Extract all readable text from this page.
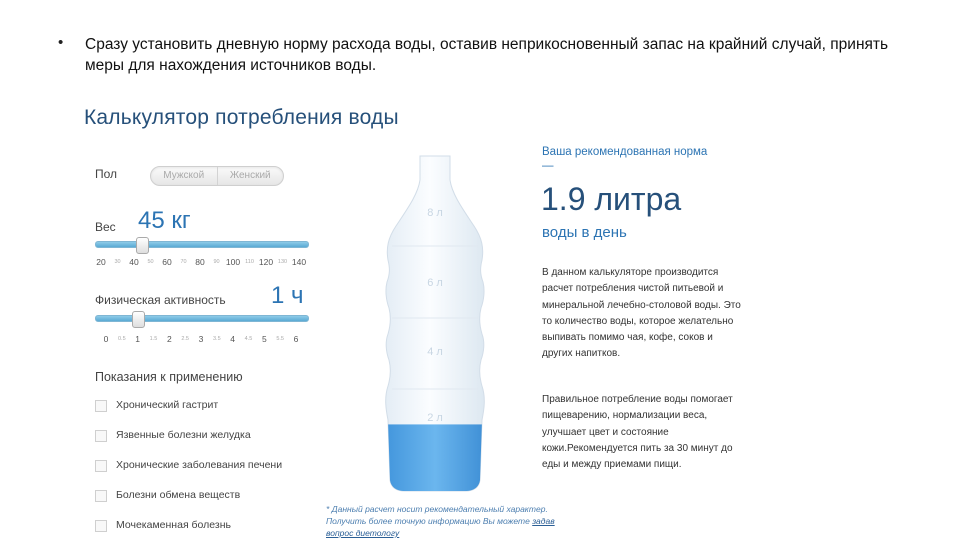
• Сразу установить дневную норму расхода воды, оставив неприкосновенный запас на крайний случай, принять меры для нахождения источников воды.
Калькулятор потребления воды
Пол	Мужской	Женский
Вес 45 кг
20 30 40 50 60 70 80 90 100 110 120 130 140
Физическая активность 1 ч
0 0.5 1 1.5 2 2.5 3 3.5 4 4.5 5 5.5 6
Показания к применению
Хронический гастрит
Язвенные болезни желудка
Хронические заболевания печени
Болезни обмена веществ
Мочекаменная болезнь
8 л
6 л
4 л
2 л
* Данный расчет носит рекомендательный характер. Получить более точную информацию Вы можете задав вопрос диетологу
Ваша рекомендованная норма
—
1.9 литра
воды в день
В данном калькуляторе производится расчет потребления чистой питьевой и минеральной лечебно-столовой воды. Это то количество воды, которое желательно выпивать помимо чая, кофе, соков и других напитков.
Правильное потребление воды помогает пищеварению, нормализации веса, улучшает цвет и состояние кожи.Рекомендуется пить за 30 минут до еды и между приемами пищи.
